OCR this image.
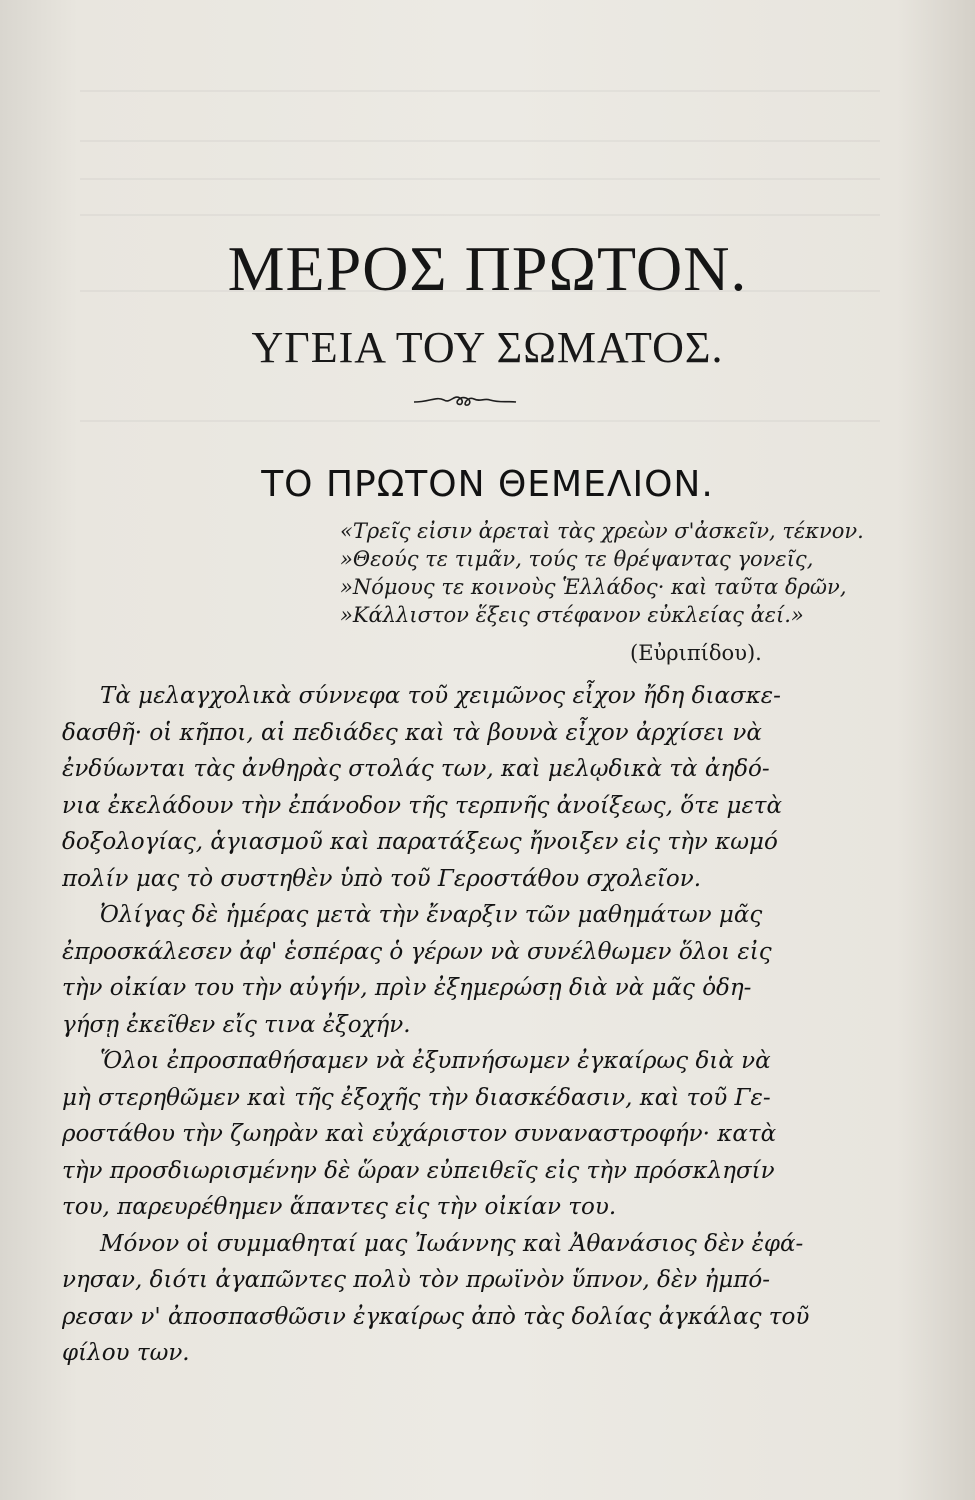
ΜΕΡΟΣ ΠΡΩΤΟΝ.
ΥΓΕΙΑ ΤΟΥ ΣΩΜΑΤΟΣ.
ΤΟ ΠΡΩΤΟΝ ΘΕΜΕΛΙΟΝ.
«Τρεῖς εἰσιν ἀρεταὶ τὰς χρεὼν σ'ἀσκεῖν, τέκνον.
»Θεούς τε τιμᾶν, τούς τε θρέψαντας γονεῖς,
»Νόμους τε κοινοὺς Ἑλλάδος· καὶ ταῦτα δρῶν,
»Κάλλιστον ἕξεις στέφανον εὐκλείας ἀεί.»
(Εὐριπίδου).
Τὰ μελαγχολικὰ σύννεφα τοῦ χειμῶνος εἶχον ἤδη διασκε-
δασθῆ· οἱ κῆποι, αἱ πεδιάδες καὶ τὰ βουνὰ εἶχον ἀρχίσει νὰ
ἐνδύωνται τὰς ἀνθηρὰς στολάς των, καὶ μελῳδικὰ τὰ ἀηδό-
νια ἐκελάδουν τὴν ἐπάνοδον τῆς τερπνῆς ἀνοίξεως, ὅτε μετὰ
δοξολογίας, ἁγιασμοῦ καὶ παρατάξεως ἤνοιξεν εἰς τὴν κωμό
πολίν μας τὸ συστηθὲν ὑπὸ τοῦ Γεροστάθου σχολεῖον.
Ὀλίγας δὲ ἡμέρας μετὰ τὴν ἔναρξιν τῶν μαθημάτων μᾶς
ἐπροσκάλεσεν ἀφ' ἑσπέρας ὁ γέρων νὰ συνέλθωμεν ὅλοι εἰς
τὴν οἰκίαν του τὴν αὐγήν, πρὶν ἐξημερώσῃ διὰ νὰ μᾶς ὁδη-
γήσῃ ἐκεῖθεν εἴς τινα ἐξοχήν.
Ὅλοι ἐπροσπαθήσαμεν νὰ ἐξυπνήσωμεν ἐγκαίρως διὰ νὰ
μὴ στερηθῶμεν καὶ τῆς ἐξοχῆς τὴν διασκέδασιν, καὶ τοῦ Γε-
ροστάθου τὴν ζωηρὰν καὶ εὐχάριστον συναναστροφήν· κατὰ
τὴν προσδιωρισμένην δὲ ὥραν εὐπειθεῖς εἰς τὴν πρόσκλησίν
του, παρευρέθημεν ἅπαντες εἰς τὴν οἰκίαν του.
Μόνον οἱ συμμαθηταί μας Ἰωάννης καὶ Ἀθανάσιος δὲν ἐφά-
νησαν, διότι ἀγαπῶντες πολὺ τὸν πρωϊνὸν ὕπνον, δὲν ἠμπό-
ρεσαν ν' ἀποσπασθῶσιν ἐγκαίρως ἀπὸ τὰς δολίας ἀγκάλας τοῦ
φίλου των.
